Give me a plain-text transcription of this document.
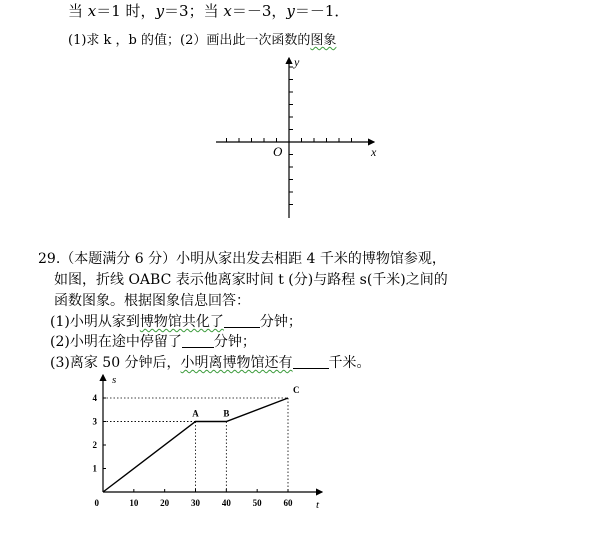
当 x＝1 时，y＝3；当 x＝－3，y＝－1．
(1)求 k ，b 的值；(2）画出此一次函数的图象
x
y
O
29.（本题满分 6 分）小明从家出发去相距 4 千米的博物馆参观，
如图，折线 OABC 表示他离家时间 t (分)与路程 s(千米)之间的
函数图象。根据图象信息回答：
(1)小明从家到博物馆共化了	分钟；
(2)小明在途中停留了 分钟；
(3)离家 50 分钟后，小明离博物馆还有	千米。
t
s
0	10 20 30 40 50 60
1
2
3
4
A	B
C
